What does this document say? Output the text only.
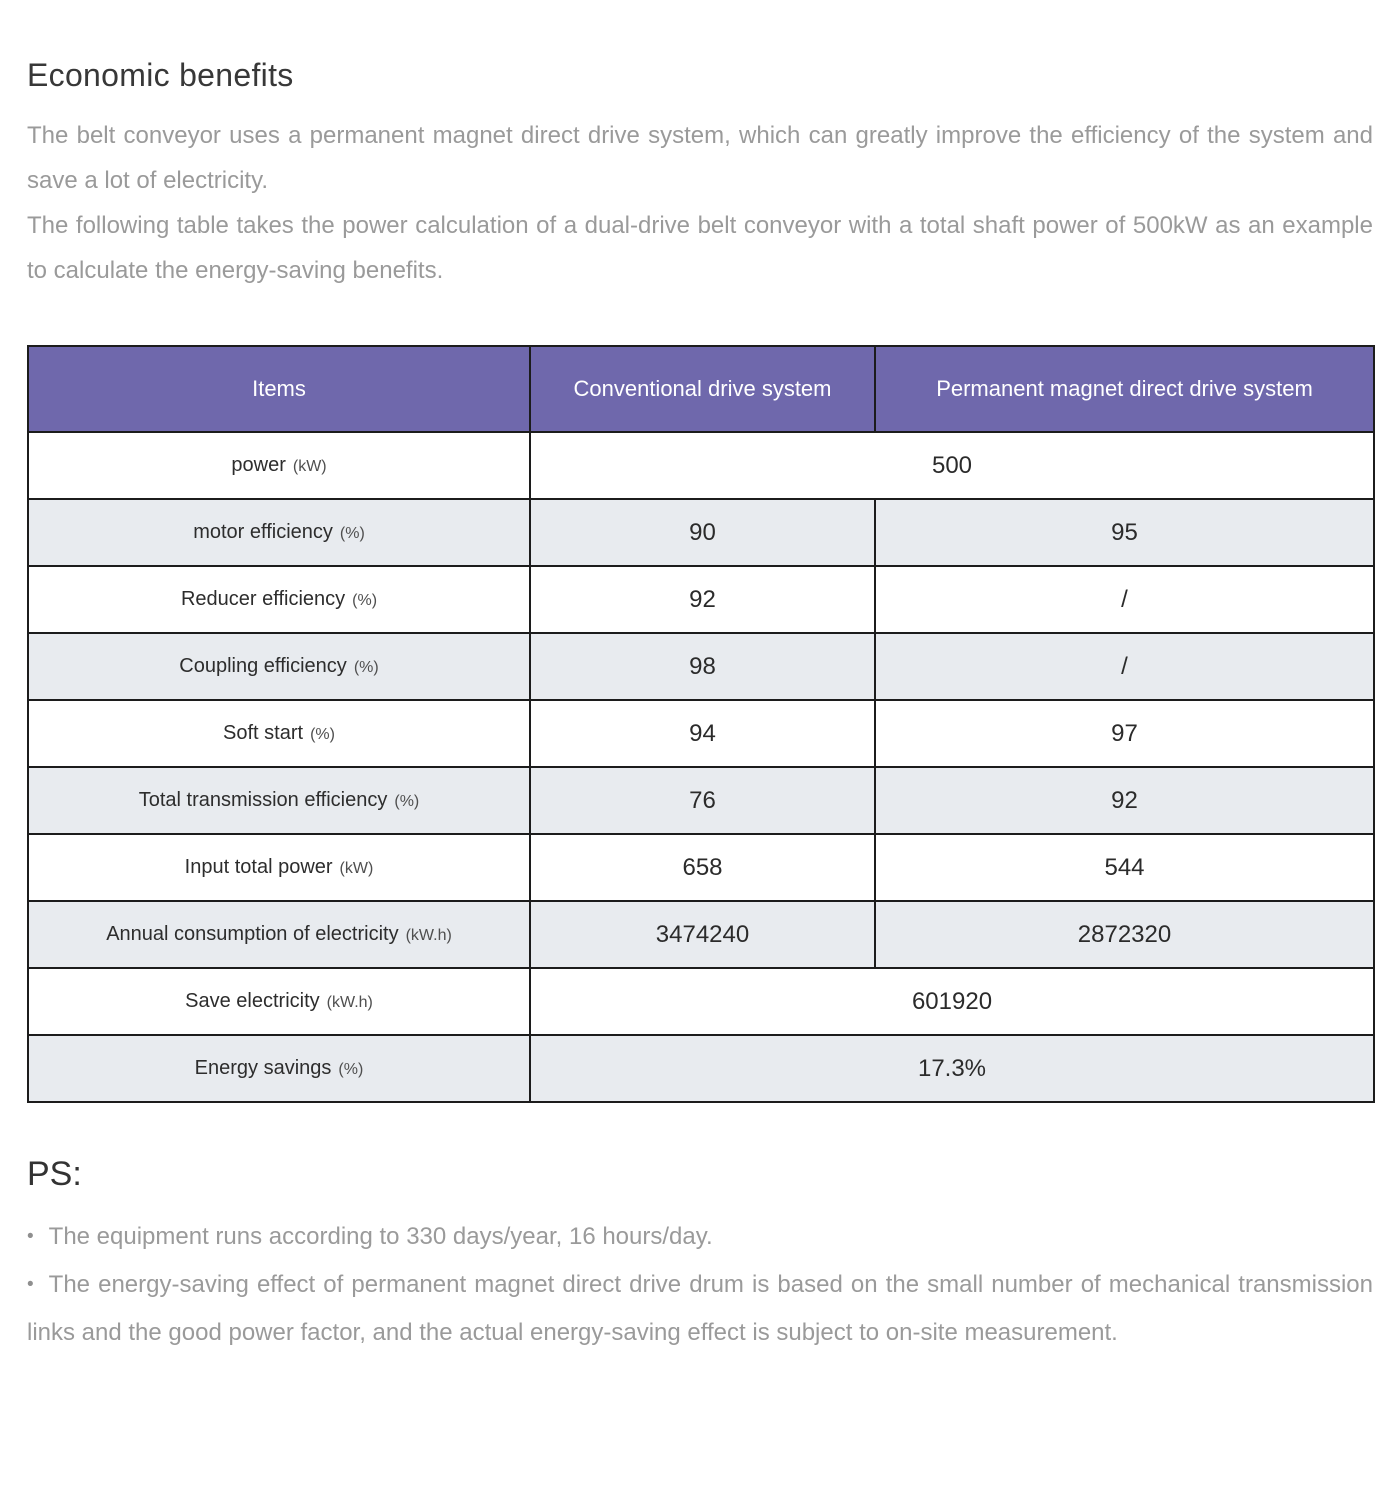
Economic benefits

The belt conveyor uses a permanent magnet direct drive system, which can greatly improve the efficiency of the system and save a lot of electricity.

The following table takes the power calculation of a dual-drive belt conveyor with a total shaft power of 500kW as an example to calculate the energy-saving benefits.

Items	Conventional drive system	Permanent magnet direct drive system
power (kW)	500	
motor efficiency (%)	90	95
Reducer efficiency (%)	92	/
Coupling efficiency (%)	98	/
Soft start (%)	94	97
Total transmission efficiency (%)	76	92
Input total power (kW)	658	544
Annual consumption of electricity (kW.h)	3474240	2872320
Save electricity (kW.h)	601920	
Energy savings (%)	17.3%	
PS:

• The equipment runs according to 330 days/year, 16 hours/day.

• The energy-saving effect of permanent magnet direct drive drum is based on the small number of mechanical transmission links and the good power factor, and the actual energy-saving effect is subject to on-site measurement.
